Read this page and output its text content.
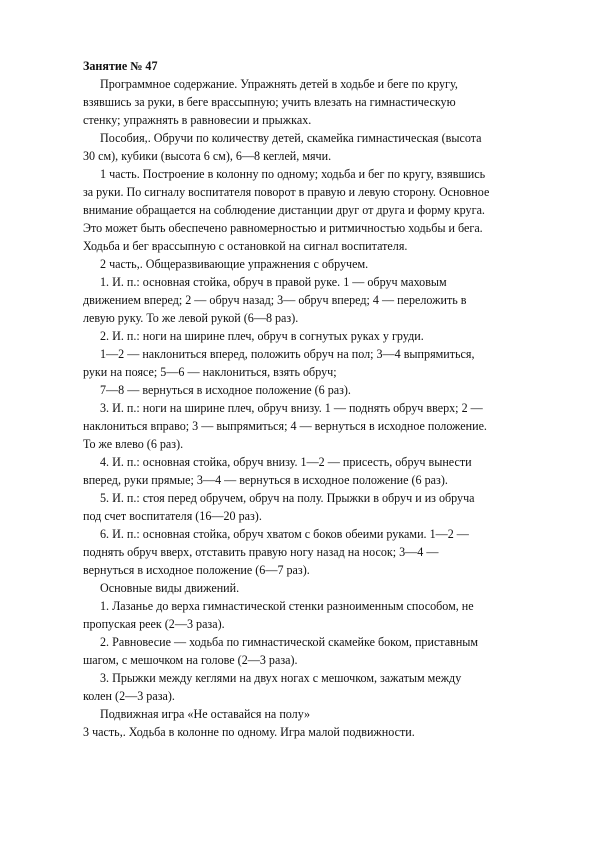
Занятие № 47
Программное содержание. Упражнять детей в ходьбе и беге по кругу,
взявшись за руки, в беге врассыпную; учить влезать на гимнастическую
стенку; упражнять в равновесии и прыжках.
Пособия,. Обручи по количеству детей, скамейка гимнастическая (высота
30 см), кубики (высота 6 см), 6—8 кеглей, мячи.
1 часть. Построение в колонну по одному; ходьба и бег по кругу, взявшись
за руки. По сигналу воспитателя поворот в правую и левую сторону. Основное
внимание обращается на соблюдение дистанции друг от друга и форму круга.
Это может быть обеспечено равномерностью и ритмичностью ходьбы и бега.
Ходьба и бег врассыпную с остановкой на сигнал воспитателя.
2 часть,. Общеразвивающие упражнения с обручем.
1. И. п.: основная стойка, обруч в правой руке. 1 — обруч маховым
движением вперед; 2 — обруч назад; 3— обруч вперед; 4 — переложить в
левую руку. То же левой рукой (6—8 раз).
2. И. п.: ноги на ширине плеч, обруч в согнутых руках у груди.
1—2 — наклониться вперед, положить обруч на пол; 3—4 выпрямиться,
руки на поясе; 5—6 — наклониться, взять обруч;
7—8 — вернуться в исходное положение (6 раз).
3. И. п.: ноги на ширине плеч, обруч внизу. 1 — поднять обруч вверх; 2 —
наклониться вправо; 3 — выпрямиться; 4 — вернуться в исходное положение.
То же влево (6 раз).
4. И. п.: основная стойка, обруч внизу. 1—2 — присесть, обруч вынести
вперед, руки прямые; 3—4 — вернуться в исходное положение (6 раз).
5. И. п.: стоя перед обручем, обруч на полу. Прыжки в обруч и из обруча
под счет воспитателя (16—20 раз).
6. И. п.: основная стойка, обруч хватом с боков обеими руками. 1—2 —
поднять обруч вверх, отставить правую ногу назад на носок; 3—4 —
вернуться в исходное положение (6—7 раз).
Основные виды движений.
1. Лазанье до верха гимнастической стенки разноименным способом, не
пропуская реек (2—3 раза).
2. Равновесие — ходьба по гимнастической скамейке боком, приставным
шагом, с мешочком на голове (2—3 раза).
3. Прыжки между кеглями на двух ногах с мешочком, зажатым между
колен (2—3 раза).
Подвижная игра «Не оставайся на полу»
3 часть,. Ходьба в колонне по одному. Игра малой подвижности.
